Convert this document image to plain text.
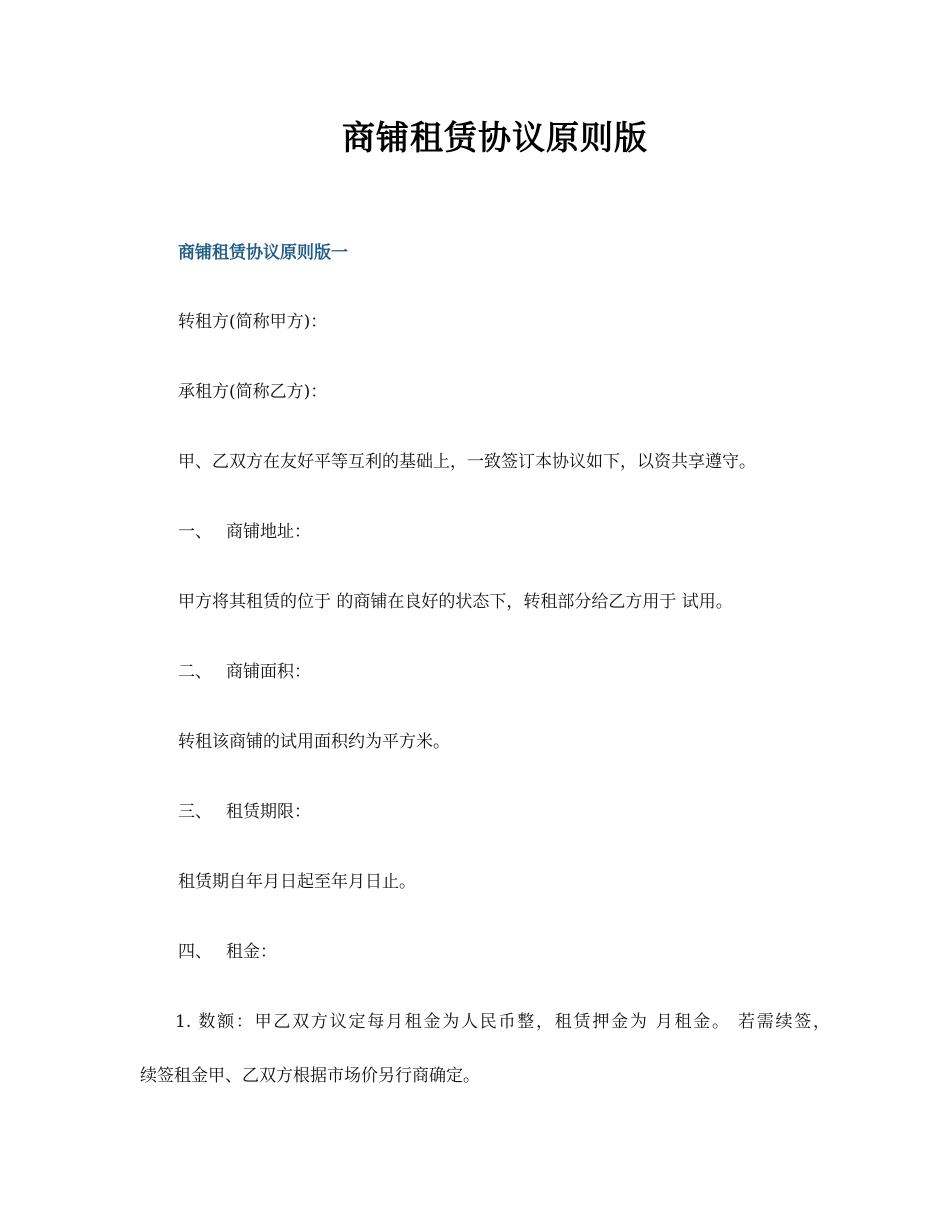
商铺租赁协议原则版
商铺租赁协议原则版一

转租方(简称甲方)：

承租方(简称乙方)：

甲、乙双方在友好平等互利的基础上，一致签订本协议如下，以资共享遵守。

一、 商铺地址：

甲方将其租赁的位于 的商铺在良好的状态下，转租部分给乙方用于 试用。

二、 商铺面积：

转租该商铺的试用面积约为平方米。

三、 租赁期限：

租赁期自年月日起至年月日止。

四、 租金：

1. 数额：甲乙双方议定每月租金为人民币整，租赁押金为 月租金。 若需续签，
续签租金甲、乙双方根据市场价另行商确定。
